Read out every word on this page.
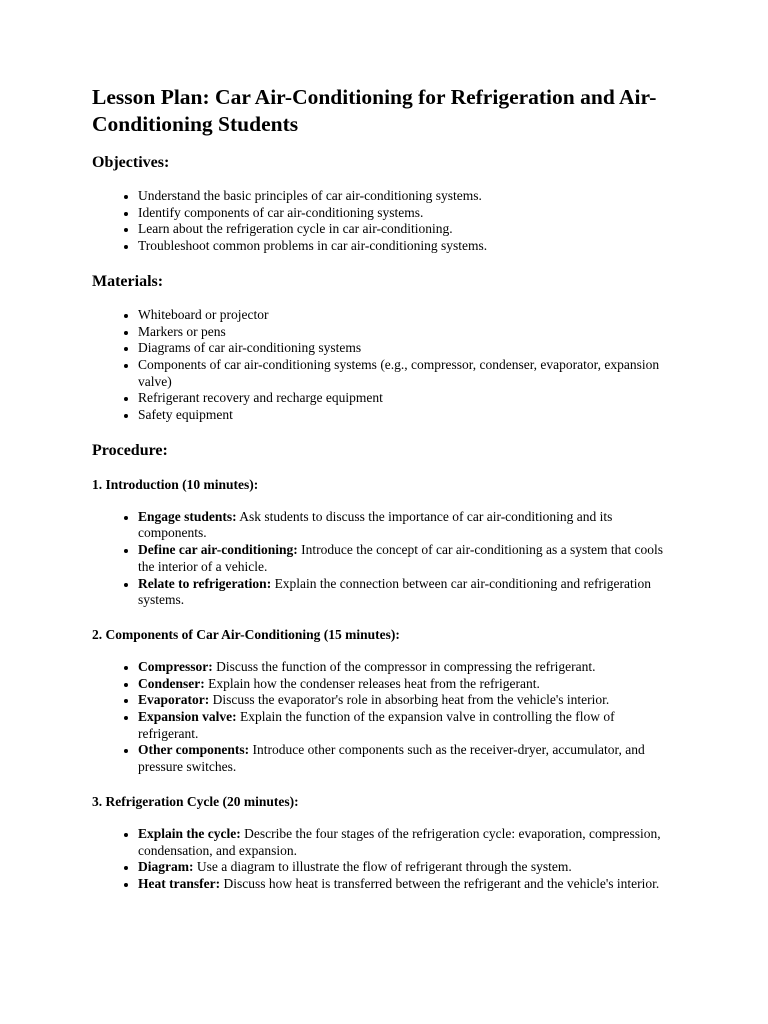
Lesson Plan: Car Air-Conditioning for Refrigeration and Air-Conditioning Students
Objectives:
• Understand the basic principles of car air-conditioning systems.
• Identify components of car air-conditioning systems.
• Learn about the refrigeration cycle in car air-conditioning.
• Troubleshoot common problems in car air-conditioning systems.
Materials:
• Whiteboard or projector
• Markers or pens
• Diagrams of car air-conditioning systems
• Components of car air-conditioning systems (e.g., compressor, condenser, evaporator, expansion valve)
• Refrigerant recovery and recharge equipment
• Safety equipment
Procedure:
1. Introduction (10 minutes):
• Engage students: Ask students to discuss the importance of car air-conditioning and its components.
• Define car air-conditioning: Introduce the concept of car air-conditioning as a system that cools the interior of a vehicle.
• Relate to refrigeration: Explain the connection between car air-conditioning and refrigeration systems.
2. Components of Car Air-Conditioning (15 minutes):
• Compressor: Discuss the function of the compressor in compressing the refrigerant.
• Condenser: Explain how the condenser releases heat from the refrigerant.
• Evaporator: Discuss the evaporator's role in absorbing heat from the vehicle's interior.
• Expansion valve: Explain the function of the expansion valve in controlling the flow of refrigerant.
• Other components: Introduce other components such as the receiver-dryer, accumulator, and pressure switches.
3. Refrigeration Cycle (20 minutes):
• Explain the cycle: Describe the four stages of the refrigeration cycle: evaporation, compression, condensation, and expansion.
• Diagram: Use a diagram to illustrate the flow of refrigerant through the system.
• Heat transfer: Discuss how heat is transferred between the refrigerant and the vehicle's interior.
